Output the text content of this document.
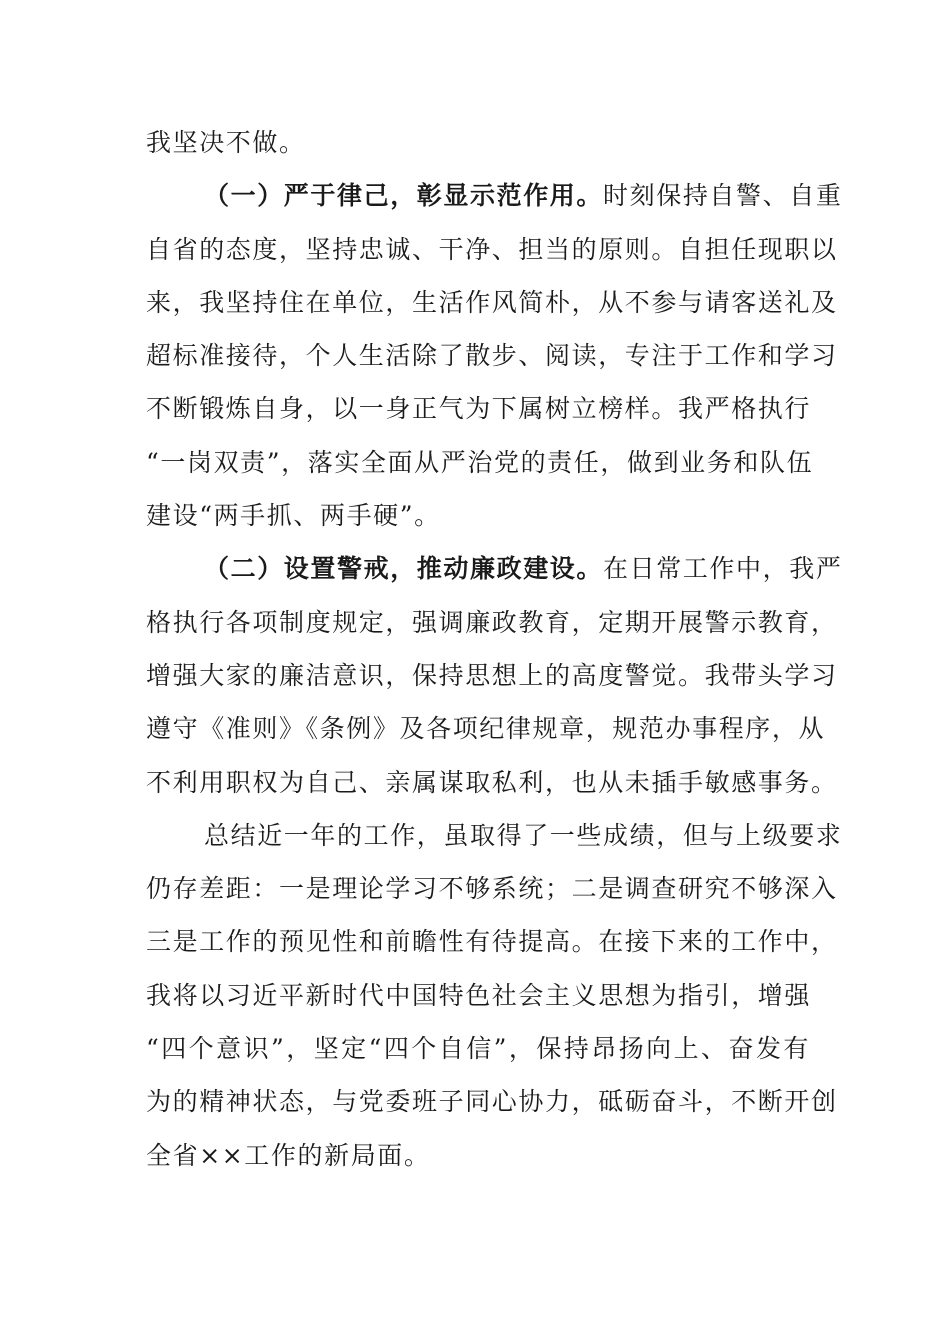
我坚决不做。
（一）严于律己，彰显示范作用。时刻保持自警、自重
自省的态度，坚持忠诚、干净、担当的原则。自担任现职以
来，我坚持住在单位，生活作风简朴，从不参与请客送礼及
超标准接待，个人生活除了散步、阅读，专注于工作和学习
不断锻炼自身，以一身正气为下属树立榜样。我严格执行
“一岗双责”，落实全面从严治党的责任，做到业务和队伍
建设“两手抓、两手硬”。
（二）设置警戒，推动廉政建设。在日常工作中，我严
格执行各项制度规定，强调廉政教育，定期开展警示教育，
增强大家的廉洁意识，保持思想上的高度警觉。我带头学习
遵守《准则》《条例》及各项纪律规章，规范办事程序，从
不利用职权为自己、亲属谋取私利，也从未插手敏感事务。
总结近一年的工作，虽取得了一些成绩，但与上级要求
仍存差距：一是理论学习不够系统；二是调查研究不够深入
三是工作的预见性和前瞻性有待提高。在接下来的工作中，
我将以习近平新时代中国特色社会主义思想为指引，增强
“四个意识”，坚定“四个自信”，保持昂扬向上、奋发有
为的精神状态，与党委班子同心协力，砥砺奋斗，不断开创
全省××工作的新局面。
